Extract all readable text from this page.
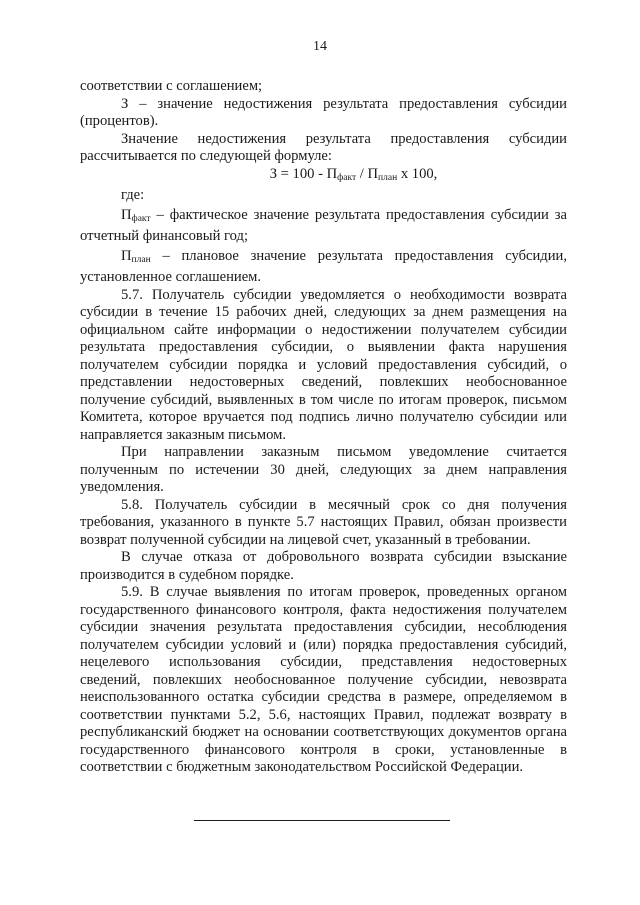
14

соответствии с соглашением;

З – значение недостижения результата предоставления субсидии (процентов).

Значение недостижения результата предоставления субсидии рассчитывается по следующей формуле:

$З = 100 - П_{факт} / П_{план}$ x 100,

где:

$П_{факт}$ – фактическое значение результата предоставления субсидии за отчетный финансовый год;

$П_{план}$ – плановое значение результата предоставления субсидии, установленное соглашением.

5.7. Получатель субсидии уведомляется о необходимости возврата субсидии в течение 15 рабочих дней, следующих за днем размещения на официальном сайте информации о недостижении получателем субсидии результата предоставления субсидии, о выявлении факта нарушения получателем субсидии порядка и условий предоставления субсидий, о представлении недостоверных сведений, повлекших необоснованное получение субсидий, выявленных в том числе по итогам проверок, письмом Комитета, которое вручается под подпись лично получателю субсидии или направляется заказным письмом.

При направлении заказным письмом уведомление считается полученным по истечении 30 дней, следующих за днем направления уведомления.

5.8. Получатель субсидии в месячный срок со дня получения требования, указанного в пункте 5.7 настоящих Правил, обязан произвести возврат полученной субсидии на лицевой счет, указанный в требовании.

В случае отказа от добровольного возврата субсидии взыскание производится в судебном порядке.

5.9. В случае выявления по итогам проверок, проведенных органом государственного финансового контроля, факта недостижения получателем субсидии значения результата предоставления субсидии, несоблюдения получателем субсидии условий и (или) порядка предоставления субсидий, нецелевого использования субсидии, представления недостоверных сведений, повлекших необоснованное получение субсидии, невозврата неиспользованного остатка субсидии средства в размере, определяемом в соответствии пунктами 5.2, 5.6, настоящих Правил, подлежат возврату в республиканский бюджет на основании соответствующих документов органа государственного финансового контроля в сроки, установленные в соответствии с бюджетным законодательством Российской Федерации.
